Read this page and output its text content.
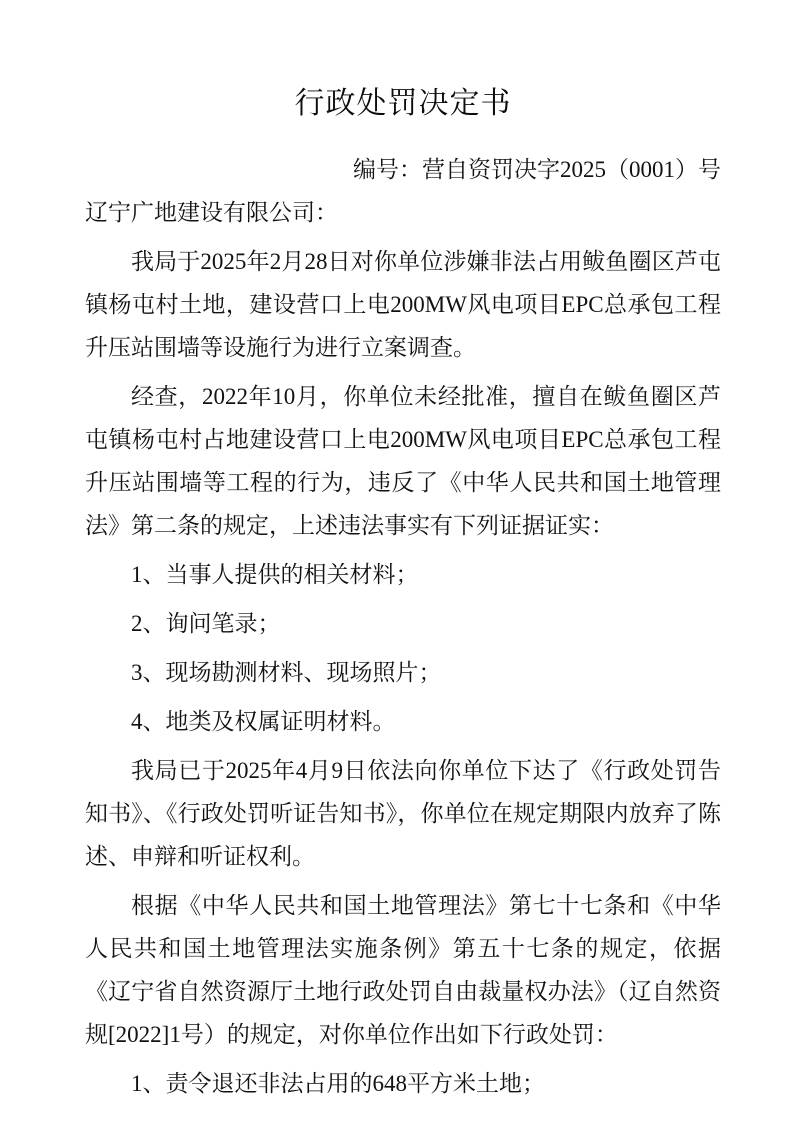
行政处罚决定书
编号：营自资罚决字2025（0001）号
辽宁广地建设有限公司：

我局于2025年2月28日对你单位涉嫌非法占用鲅鱼圈区芦屯镇杨屯村土地，建设营口上电200MW风电项目EPC总承包工程升压站围墙等设施行为进行立案调查。

经查，2022年10月，你单位未经批准，擅自在鲅鱼圈区芦屯镇杨屯村占地建设营口上电200MW风电项目EPC总承包工程升压站围墙等工程的行为，违反了《中华人民共和国土地管理法》第二条的规定，上述违法事实有下列证据证实：

1、当事人提供的相关材料；

2、询问笔录；

3、现场勘测材料、现场照片；

4、地类及权属证明材料。

我局已于2025年4月9日依法向你单位下达了《行政处罚告知书》、《行政处罚听证告知书》，你单位在规定期限内放弃了陈述、申辩和听证权利。

根据《中华人民共和国土地管理法》第七十七条和《中华人民共和国土地管理法实施条例》第五十七条的规定，依据《辽宁省自然资源厅土地行政处罚自由裁量权办法》（辽自然资规[2022]1号）的规定，对你单位作出如下行政处罚：

1、责令退还非法占用的648平方米土地；
